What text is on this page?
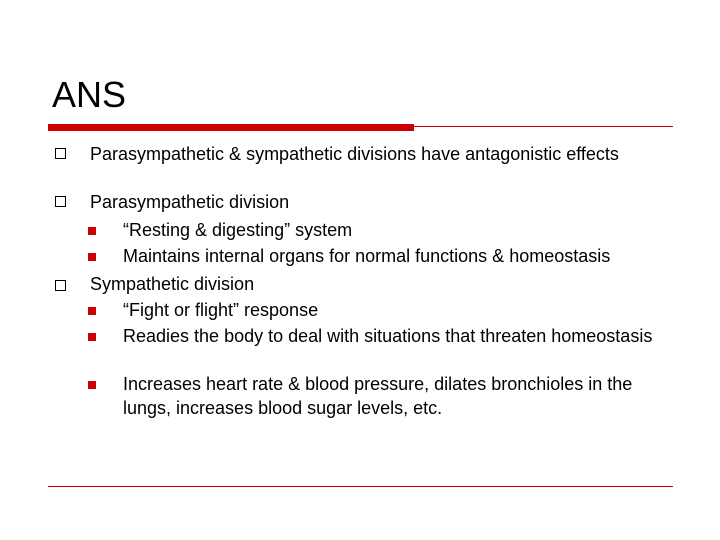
ANS
Parasympathetic & sympathetic divisions have antagonistic effects
Parasympathetic division
“Resting & digesting” system
Maintains internal organs for normal functions & homeostasis
Sympathetic division
“Fight or flight” response
Readies the body to deal with situations that threaten homeostasis
Increases heart rate & blood pressure, dilates bronchioles in the lungs, increases blood sugar levels, etc.
